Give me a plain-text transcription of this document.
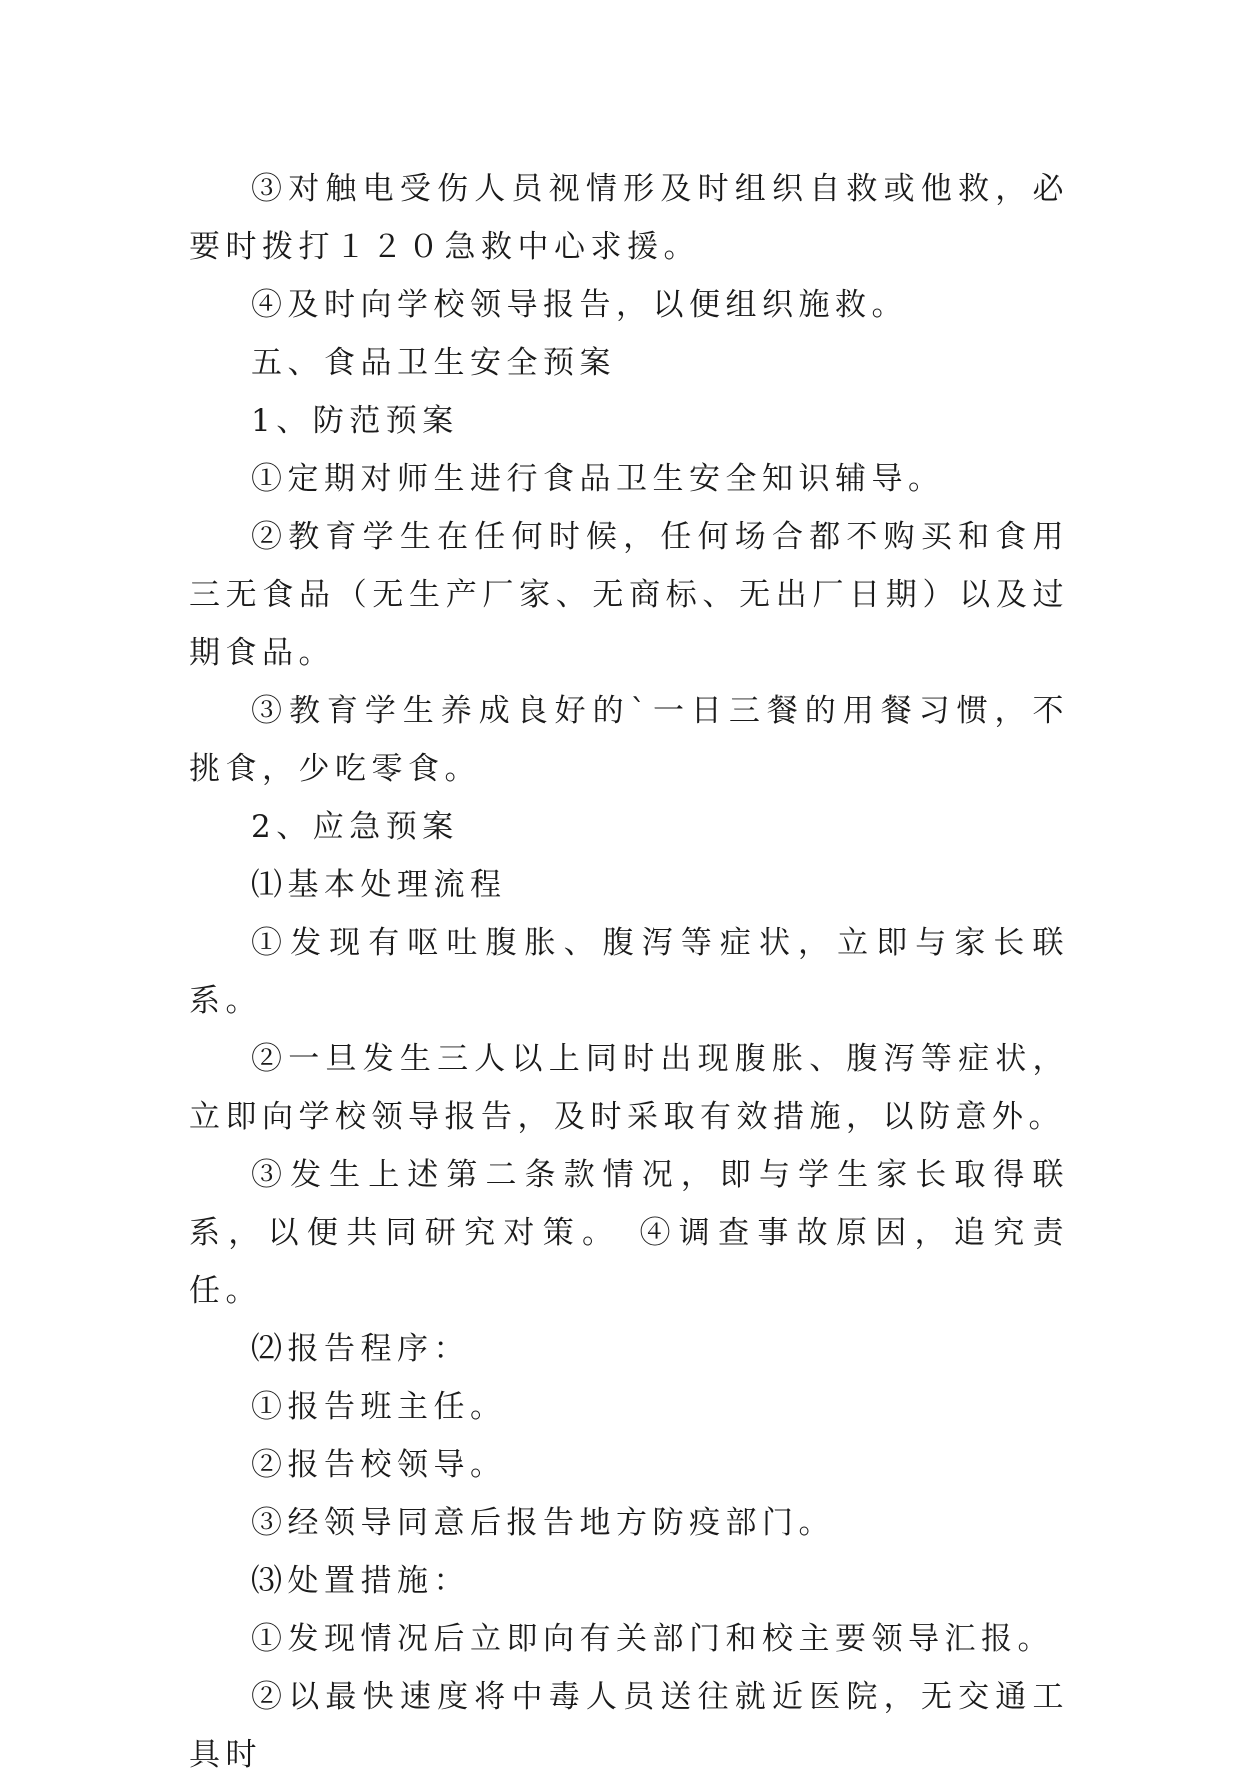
③对触电受伤人员视情形及时组织自救或他救，必要时拨打１２０急救中心求援。

④及时向学校领导报告，以便组织施救。

五、食品卫生安全预案

1、防范预案

①定期对师生进行食品卫生安全知识辅导。

②教育学生在任何时候，任何场合都不购买和食用三无食品（无生产厂家、无商标、无出厂日期）以及过期食品。

③教育学生养成良好的`一日三餐的用餐习惯，不挑食，少吃零食。

2、应急预案

⑴基本处理流程

①发现有呕吐腹胀、腹泻等症状，立即与家长联系。

②一旦发生三人以上同时出现腹胀、腹泻等症状，立即向学校领导报告，及时采取有效措施，以防意外。

③发生上述第二条款情况，即与学生家长取得联系，以便共同研究对策。 ④调查事故原因，追究责任。

⑵报告程序：

①报告班主任。

②报告校领导。

③经领导同意后报告地方防疫部门。

⑶处置措施：

①发现情况后立即向有关部门和校主要领导汇报。

②以最快速度将中毒人员送往就近医院，无交通工具时
